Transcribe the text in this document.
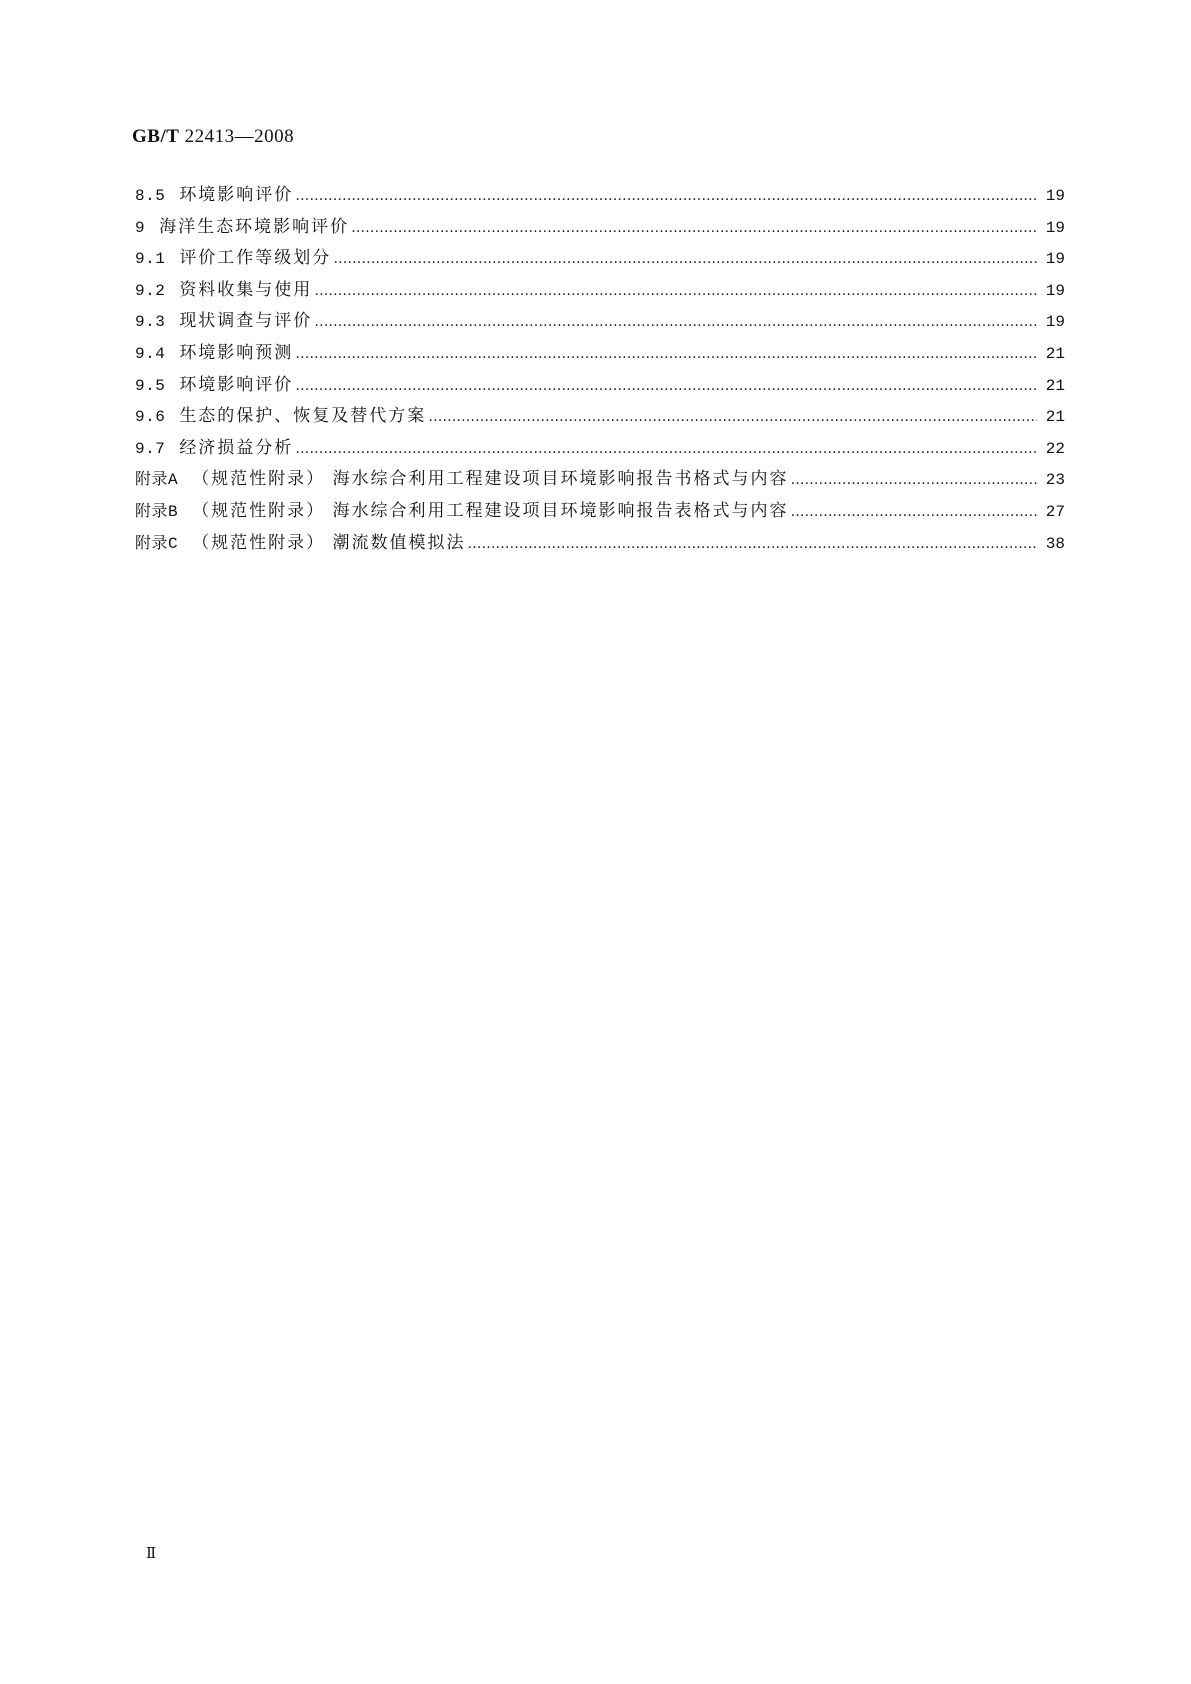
GB/T 22413—2008
8.5 环境影响评价 ……………………………………………………………………………………………………………………………………………………………………………………………………	19
9 海洋生态环境影响评价 ……………………………………………………………………………………………………………………………………………………………………………………………………	19
9.1 评价工作等级划分 ……………………………………………………………………………………………………………………………………………………………………………………………………	19
9.2 资料收集与使用 ……………………………………………………………………………………………………………………………………………………………………………………………………	19
9.3 现状调查与评价 ……………………………………………………………………………………………………………………………………………………………………………………………………	19
9.4 环境影响预测 ……………………………………………………………………………………………………………………………………………………………………………………………………	21
9.5 环境影响评价 ……………………………………………………………………………………………………………………………………………………………………………………………………	21
9.6 生态的保护、恢复及替代方案 ……………………………………………………………………………………………………………………………………………………………………………………………………	21
9.7 经济损益分析 ……………………………………………………………………………………………………………………………………………………………………………………………………	22
附录A （规范性附录） 海水综合利用工程建设项目环境影响报告书格式与内容 ……………………………………………………………………………………………………………………………………………………………………………………………………	23
附录B （规范性附录） 海水综合利用工程建设项目环境影响报告表格式与内容 ……………………………………………………………………………………………………………………………………………………………………………………………………	27
附录C （规范性附录） 潮流数值模拟法 ……………………………………………………………………………………………………………………………………………………………………………………………………	38
Ⅱ
